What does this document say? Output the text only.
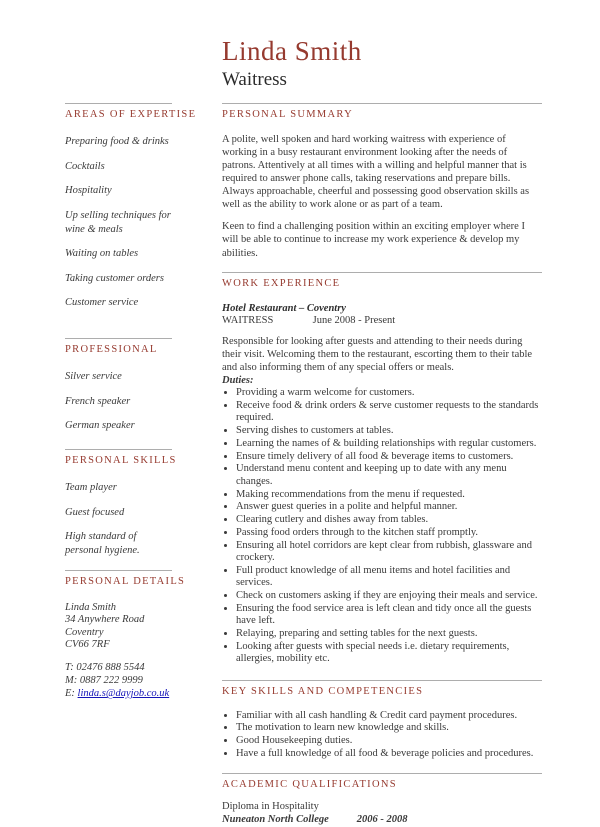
Linda Smith
Waitress
AREAS OF EXPERTISE
Preparing food & drinks
Cocktails
Hospitality
Up selling techniques for wine & meals
Waiting on tables
Taking customer orders
Customer service
PROFESSIONAL
Silver service
French speaker
German speaker
PERSONAL SKILLS
Team player
Guest focused
High standard of personal hygiene.
PERSONAL DETAILS
Linda Smith
34 Anywhere Road
Coventry
CV66 7RF
T: 02476 888 5544
M: 0887 222 9999
E: linda.s@dayjob.co.uk
PERSONAL SUMMARY

A polite, well spoken and hard working waitress with experience of working in a busy restaurant environment looking after the needs of patrons. Attentively at all times with a willing and helpful manner that is required to answer phone calls, taking reservations and prepare bills. Always approachable, cheerful and possessing good observation skills as well as the ability to work alone or as part of a team.

Keen to find a challenging position within an exciting employer where I will be able to continue to increase my work experience & develop my abilities.

WORK EXPERIENCE

Hotel Restaurant – Coventry

WAITRESS	June 2008 - Present

Responsible for looking after guests and attending to their needs during their visit. Welcoming them to the restaurant, escorting them to their table and also informing them of any special offers or meals.

Duties:

• Providing a warm welcome for customers.
• Receive food & drink orders & serve customer requests to the standards required.
• Serving dishes to customers at tables.
• Learning the names of & building relationships with regular customers.
• Ensure timely delivery of all food & beverage items to customers.
• Understand menu content and keeping up to date with any menu changes.
• Making recommendations from the menu if requested.
• Answer guest queries in a polite and helpful manner.
• Clearing cutlery and dishes away from tables.
• Passing food orders through to the kitchen staff promptly.
• Ensuring all hotel corridors are kept clear from rubbish, glassware and crockery.
• Full product knowledge of all menu items and hotel facilities and services.
• Check on customers asking if they are enjoying their meals and service.
• Ensuring the food service area is left clean and tidy once all the guests have left.
• Relaying, preparing and setting tables for the next guests.
• Looking after guests with special needs i.e. dietary requirements, allergies, mobility etc.
KEY SKILLS AND COMPETENCIES
• Familiar with all cash handling & Credit card payment procedures.
• The motivation to learn new knowledge and skills.
• Good Housekeeping duties.
• Have a full knowledge of all food & beverage policies and procedures.
ACADEMIC QUALIFICATIONS

Diploma in Hospitality

Nuneaton North College	2006 - 2008
